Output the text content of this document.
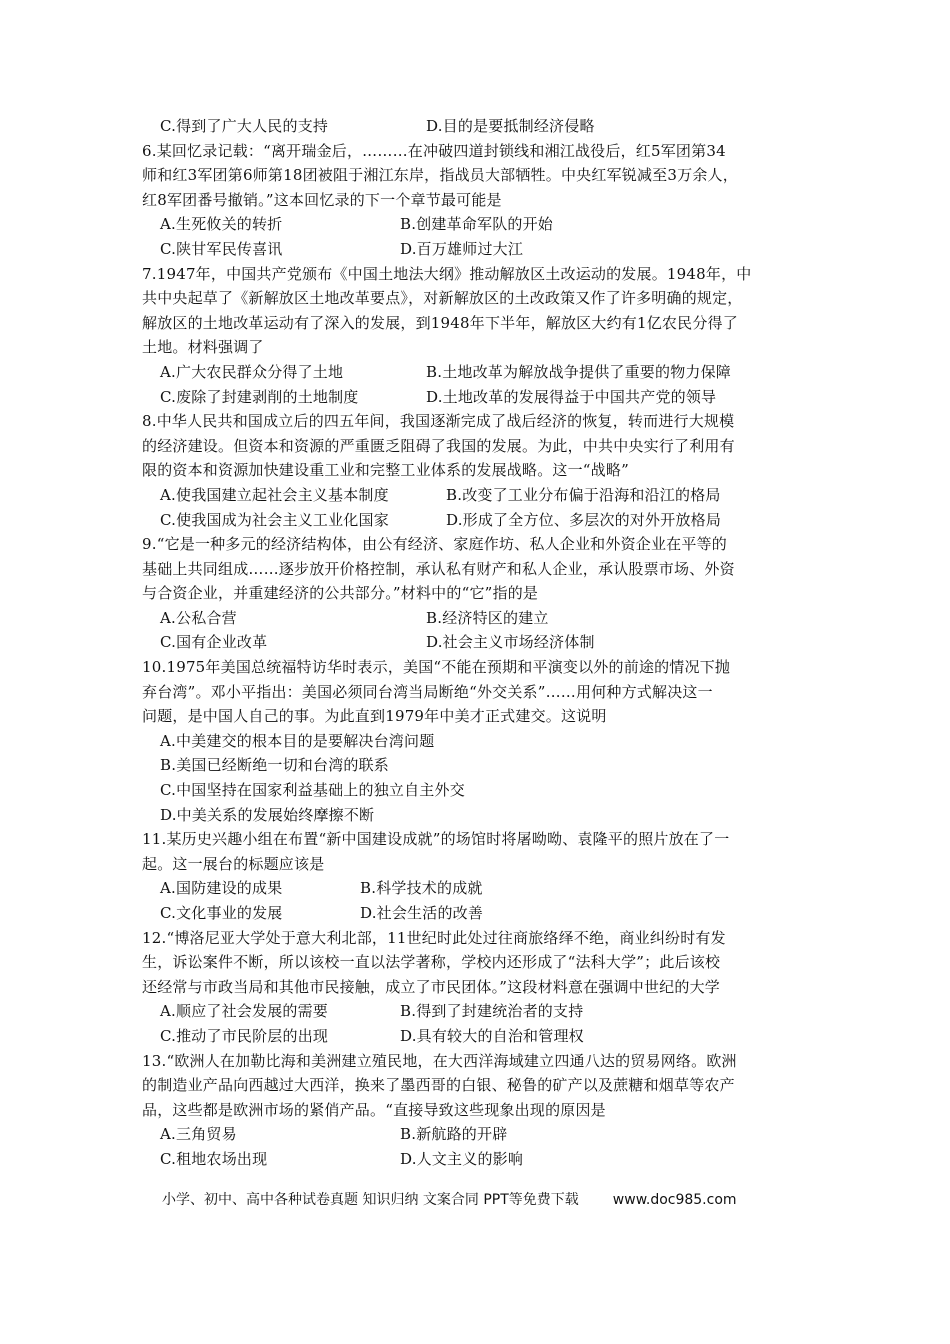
C.得到了广大人民的支持	D.目的是要抵制经济侵略
6.某回忆录记载：“离开瑞金后，………在冲破四道封锁线和湘江战役后，红5军团第34
师和红3军团第6师第18团被阻于湘江东岸，指战员大部牺牲。中央红军锐减至3万余人，
红8军团番号撤销。”这本回忆录的下一个章节最可能是
A.生死攸关的转折	B.创建革命军队的开始
C.陕甘军民传喜讯	D.百万雄师过大江
7.1947年，中国共产党颁布《中国土地法大纲》推动解放区土改运动的发展。1948年，中
共中央起草了《新解放区土地改革要点》，对新解放区的土改政策又作了许多明确的规定，
解放区的土地改革运动有了深入的发展，到1948年下半年，解放区大约有1亿农民分得了
土地。材料强调了
A.广大农民群众分得了土地	B.土地改革为解放战争提供了重要的物力保障
C.废除了封建剥削的土地制度	D.土地改革的发展得益于中国共产党的领导
8.中华人民共和国成立后的四五年间，我国逐渐完成了战后经济的恢复，转而进行大规模
的经济建设。但资本和资源的严重匮乏阻碍了我国的发展。为此，中共中央实行了利用有
限的资本和资源加快建设重工业和完整工业体系的发展战略。这一“战略”
A.使我国建立起社会主义基本制度	B.改变了工业分布偏于沿海和沿江的格局
C.使我国成为社会主义工业化国家	D.形成了全方位、多层次的对外开放格局
9.“它是一种多元的经济结构体，由公有经济、家庭作坊、私人企业和外资企业在平等的
基础上共同组成……逐步放开价格控制，承认私有财产和私人企业，承认股票市场、外资
与合资企业，并重建经济的公共部分。”材料中的“它”指的是
A.公私合营	B.经济特区的建立
C.国有企业改革	D.社会主义市场经济体制
10.1975年美国总统福特访华时表示，美国“不能在预期和平演变以外的前途的情况下抛
弃台湾”。邓小平指出：美国必须同台湾当局断绝“外交关系”……用何种方式解决这一
问题，是中国人自己的事。为此直到1979年中美才正式建交。这说明
A.中美建交的根本目的是要解决台湾问题
B.美国已经断绝一切和台湾的联系
C.中国坚持在国家利益基础上的独立自主外交
D.中美关系的发展始终摩擦不断
11.某历史兴趣小组在布置“新中国建设成就”的场馆时将屠呦呦、袁隆平的照片放在了一
起。这一展台的标题应该是
A.国防建设的成果	B.科学技术的成就
C.文化事业的发展	D.社会生活的改善
12.“博洛尼亚大学处于意大利北部，11世纪时此处过往商旅络绎不绝，商业纠纷时有发
生，诉讼案件不断，所以该校一直以法学著称，学校内还形成了“法科大学”；此后该校
还经常与市政当局和其他市民接触，成立了市民团体。”这段材料意在强调中世纪的大学
A.顺应了社会发展的需要	B.得到了封建统治者的支持
C.推动了市民阶层的出现	D.具有较大的自治和管理权
13.“欧洲人在加勒比海和美洲建立殖民地，在大西洋海域建立四通八达的贸易网络。欧洲
的制造业产品向西越过大西洋，换来了墨西哥的白银、秘鲁的矿产以及蔗糖和烟草等农产
品，这些都是欧洲市场的紧俏产品。“直接导致这些现象出现的原因是
A.三角贸易	B.新航路的开辟
C.租地农场出现	D.人文主义的影响
小学、初中、高中各种试卷真题 知识归纳 文案合同 PPT等免费下载 www.doc985.com
